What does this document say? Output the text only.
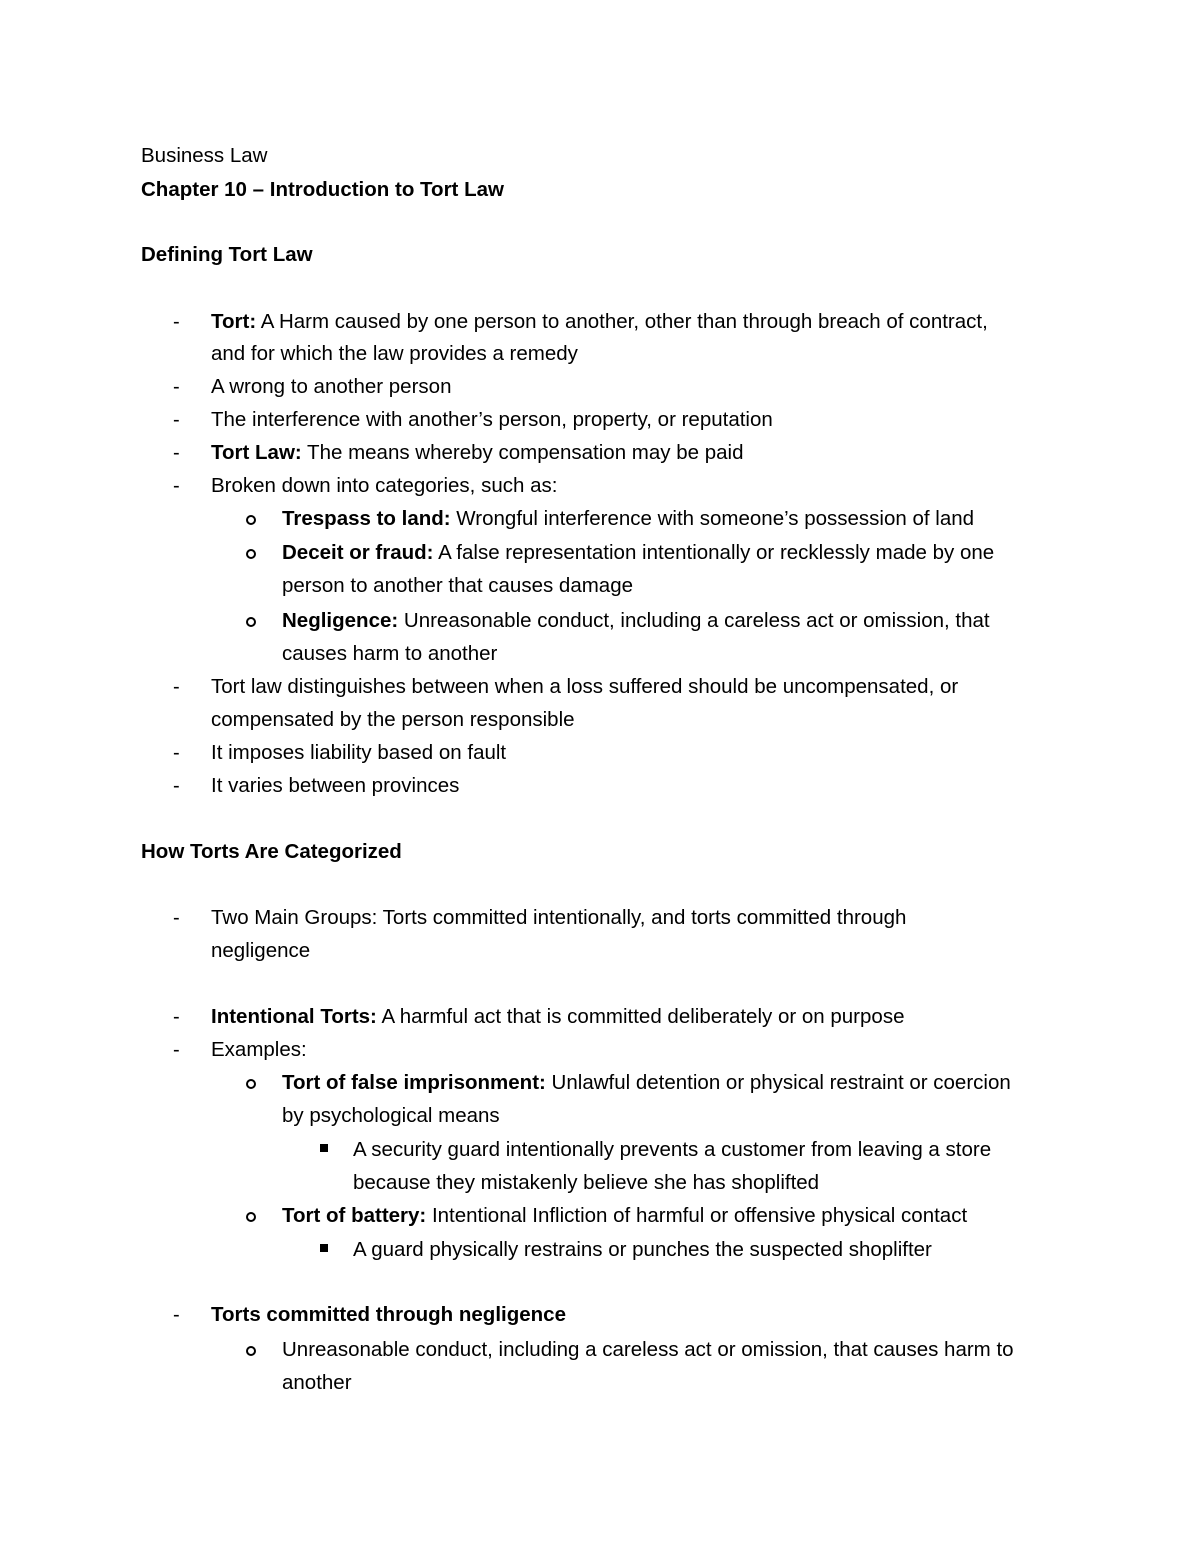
Business Law
Chapter 10 – Introduction to Tort Law
Defining Tort Law
- Tort: A Harm caused by one person to another, other than through breach of contract,
and for which the law provides a remedy
- A wrong to another person
- The interference with another’s person, property, or reputation
- Tort Law: The means whereby compensation may be paid
- Broken down into categories, such as:
Trespass to land: Wrongful interference with someone’s possession of land
Deceit or fraud: A false representation intentionally or recklessly made by one
person to another that causes damage
Negligence: Unreasonable conduct, including a careless act or omission, that
causes harm to another
- Tort law distinguishes between when a loss suffered should be uncompensated, or
compensated by the person responsible
- It imposes liability based on fault
- It varies between provinces
How Torts Are Categorized
- Two Main Groups: Torts committed intentionally, and torts committed through
negligence
- Intentional Torts: A harmful act that is committed deliberately or on purpose
- Examples:
Tort of false imprisonment: Unlawful detention or physical restraint or coercion
by psychological means
A security guard intentionally prevents a customer from leaving a store
because they mistakenly believe she has shoplifted
Tort of battery: Intentional Infliction of harmful or offensive physical contact
A guard physically restrains or punches the suspected shoplifter
- Torts committed through negligence
Unreasonable conduct, including a careless act or omission, that causes harm to
another
